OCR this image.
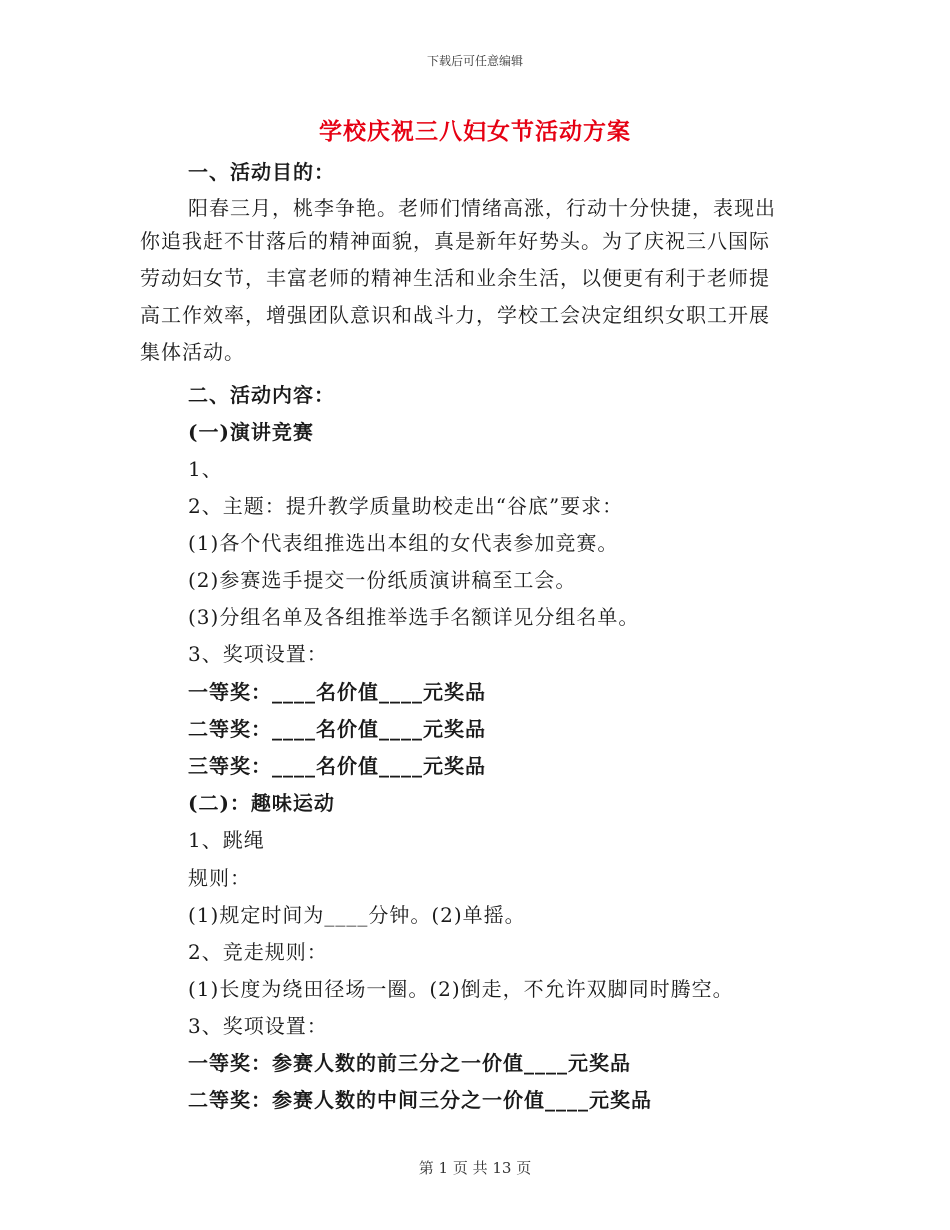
下载后可任意编辑
学校庆祝三八妇女节活动方案
一、活动目的：
阳春三月，桃李争艳。老师们情绪高涨，行动十分快捷，表现出
你追我赶不甘落后的精神面貌，真是新年好势头。为了庆祝三八国际
劳动妇女节，丰富老师的精神生活和业余生活，以便更有利于老师提
高工作效率，增强团队意识和战斗力，学校工会决定组织女职工开展
集体活动。
二、活动内容：
(一)演讲竞赛
1、
2、主题：提升教学质量助校走出“谷底”要求：
(1)各个代表组推选出本组的女代表参加竞赛。
(2)参赛选手提交一份纸质演讲稿至工会。
(3)分组名单及各组推举选手名额详见分组名单。
3、奖项设置：
一等奖：____名价值____元奖品
二等奖：____名价值____元奖品
三等奖：____名价值____元奖品
(二)：趣味运动
1、跳绳
规则：
(1)规定时间为____分钟。(2)单摇。
2、竞走规则：
(1)长度为绕田径场一圈。(2)倒走，不允许双脚同时腾空。
3、奖项设置：
一等奖：参赛人数的前三分之一价值____元奖品
二等奖：参赛人数的中间三分之一价值____元奖品
第 1 页 共 13 页
